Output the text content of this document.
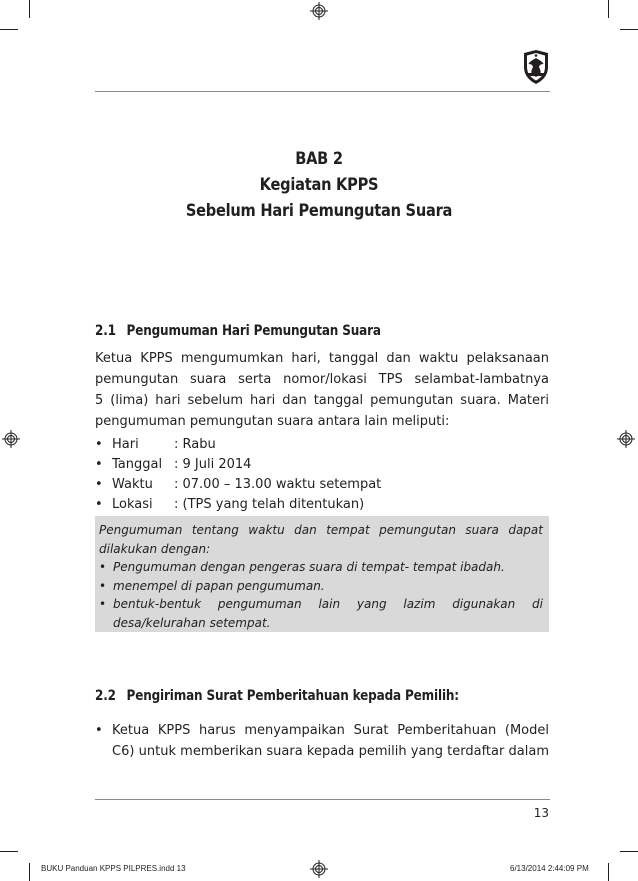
BAB 2
Kegiatan KPPS
Sebelum Hari Pemungutan Suara
2.1 Pengumuman Hari Pemungutan Suara
Ketua KPPS mengumumkan hari, tanggal dan waktu pelaksanaan
pemungutan suara serta nomor/lokasi TPS selambat-lambatnya
5 (lima) hari sebelum hari dan tanggal pemungutan suara. Materi
pengumuman pemungutan suara antara lain meliputi:
• Hari	: Rabu
• Tanggal : 9 Juli 2014
• Waktu	: 07.00 – 13.00 waktu setempat
• Lokasi	: (TPS yang telah ditentukan)
Pengumuman tentang waktu dan tempat pemungutan suara dapat
dilakukan dengan:
• Pengumuman dengan pengeras suara di tempat- tempat ibadah.
• menempel di papan pengumuman.
• bentuk-bentuk pengumuman lain yang lazim digunakan di
desa/kelurahan setempat.
2.2 Pengiriman Surat Pemberitahuan kepada Pemilih:
• Ketua KPPS harus menyampaikan Surat Pemberitahuan (Model
C6) untuk memberikan suara kepada pemilih yang terdaftar dalam
13
BUKU Panduan KPPS PILPRES.indd 13	6/13/2014 2:44:09 PM
